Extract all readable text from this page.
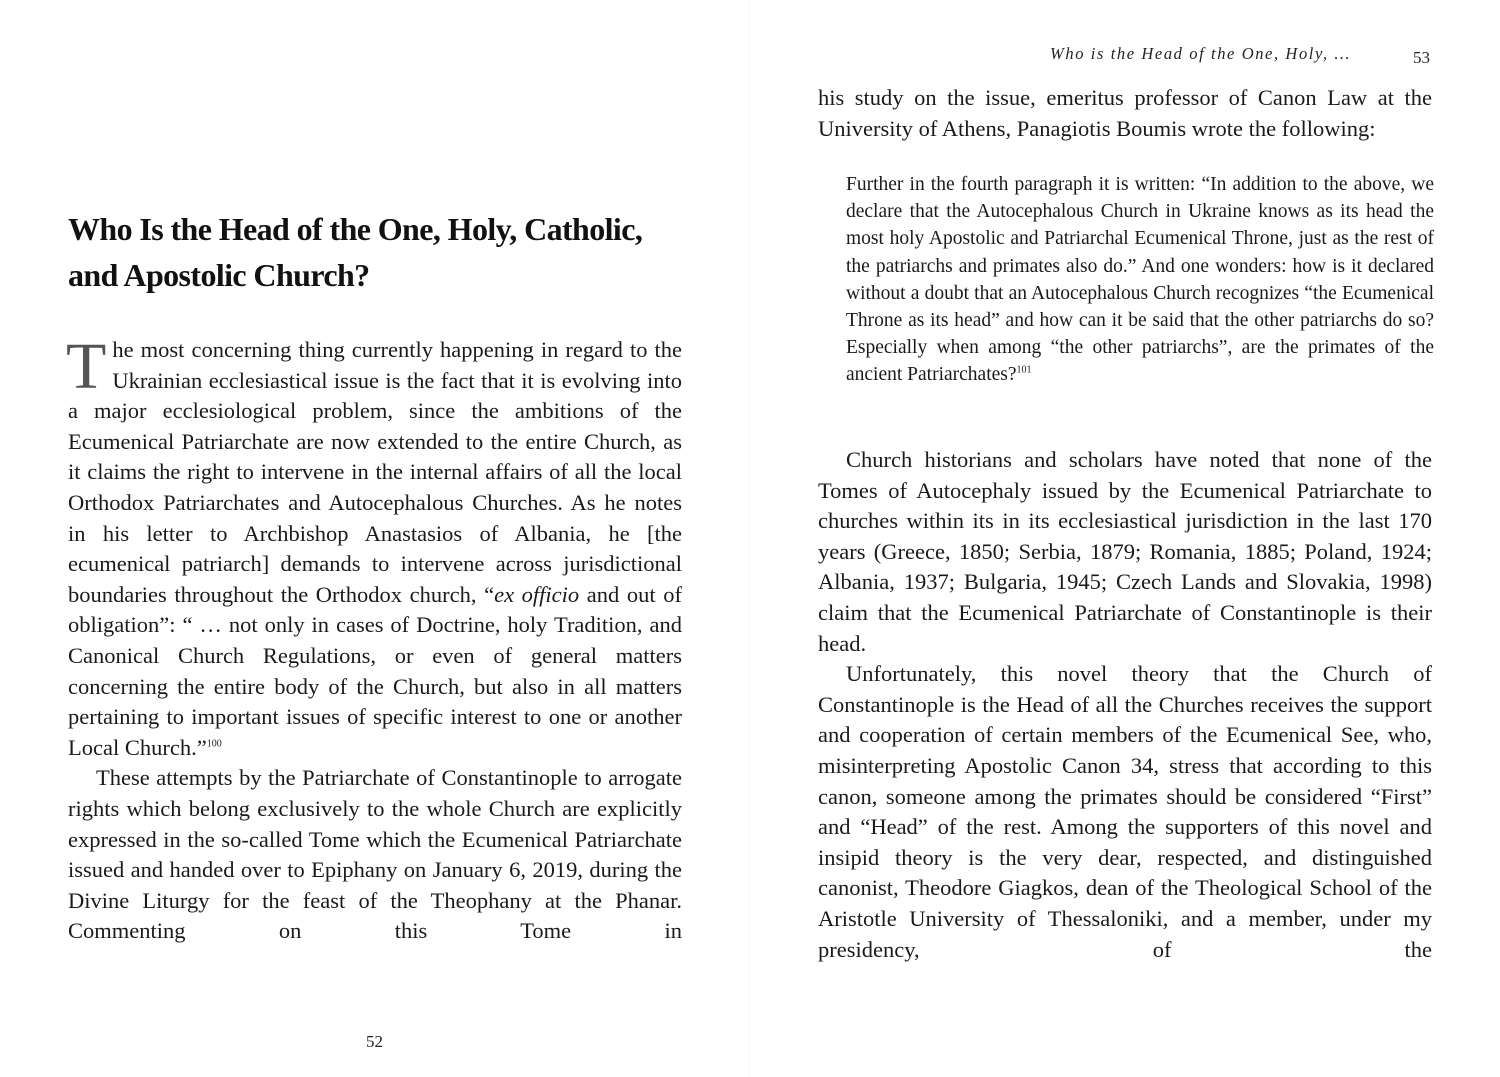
Who Is the Head of the One, Holy, Catholic, and Apostolic Church?

The most concerning thing currently happening in regard to the Ukrainian ecclesiastical issue is the fact that it is evolving into a major ecclesiological problem, since the ambitions of the Ecumenical Patriarchate are now extended to the entire Church, as it claims the right to intervene in the internal affairs of all the local Orthodox Patriarchates and Autocephalous Churches. As he notes in his letter to Archbishop Anastasios of Albania, he [the ecumenical patriarch] demands to intervene across jurisdictional boundaries throughout the Orthodox church, “ex officio and out of obligation”: “ … not only in cases of Doctrine, holy Tradition, and Canonical Church Regulations, or even of general matters concerning the entire body of the Church, but also in all matters pertaining to important issues of specific interest to one or another Local Church.”$^{100}$

These attempts by the Patriarchate of Constantinople to arrogate rights which belong exclusively to the whole Church are explicitly expressed in the so-called Tome which the Ecumenical Patriarchate issued and handed over to Epiphany on January 6, 2019, during the Divine Liturgy for the feast of the Theophany at the Phanar. Commenting on this Tome in

52
Who is the Head of the One, Holy, …	53

his study on the issue, emeritus professor of Canon Law at the University of Athens, Panagiotis Boumis wrote the following:

Further in the fourth paragraph it is written: “In addition to the above, we declare that the Autocephalous Church in Ukraine knows as its head the most holy Apostolic and Patriarchal Ecumenical Throne, just as the rest of the patriarchs and primates also do.” And one wonders: how is it declared without a doubt that an Autocephalous Church recognizes “the Ecumenical Throne as its head” and how can it be said that the other patriarchs do so? Especially when among “the other patriarchs”, are the primates of the ancient Patriarchates?$^{101}$

Church historians and scholars have noted that none of the Tomes of Autocephaly issued by the Ecumenical Patriarchate to churches within its in its ecclesiastical jurisdiction in the last 170 years (Greece, 1850; Serbia, 1879; Romania, 1885; Poland, 1924; Albania, 1937; Bulgaria, 1945; Czech Lands and Slovakia, 1998) claim that the Ecumenical Patriarchate of Constantinople is their head.

Unfortunately, this novel theory that the Church of Constantinople is the Head of all the Churches receives the support and cooperation of certain members of the Ecumenical See, who, misinterpreting Apostolic Canon 34, stress that according to this canon, someone among the primates should be considered “First” and “Head” of the rest. Among the supporters of this novel and insipid theory is the very dear, respected, and distinguished canonist, Theodore Giagkos, dean of the Theological School of the Aristotle University of Thessaloniki, and a member, under my presidency, of the
